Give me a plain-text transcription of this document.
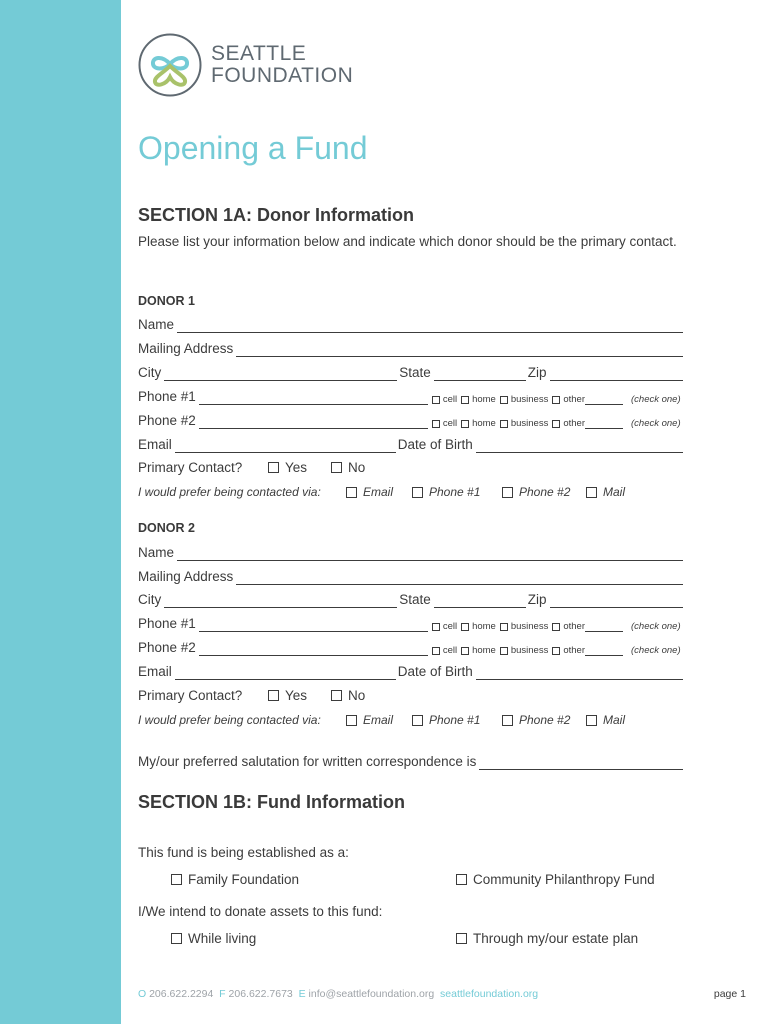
SEATTLE
FOUNDATION
Opening a Fund
SECTION 1A: Donor Information
Please list your information below and indicate which donor should be the primary contact.
DONOR 1
Name
Mailing Address
City	State	Zip
Phone #1	cell home business other	(check one)
Phone #2	cell home business other	(check one)
Email	Date of Birth
Primary Contact?	Yes	No
I would prefer being contacted via:	Email	Phone #1	Phone #2	Mail
DONOR 2
Name
Mailing Address
City	State	Zip
Phone #1	cell home business other	(check one)
Phone #2	cell home business other	(check one)
Email	Date of Birth
Primary Contact?	Yes	No
I would prefer being contacted via:	Email	Phone #1	Phone #2	Mail
My/our preferred salutation for written correspondence is
SECTION 1B: Fund Information
This fund is being established as a:
Family Foundation	Community Philanthropy Fund
I/We intend to donate assets to this fund:
While living	Through my/our estate plan
O 206.622.2294 F 206.622.7673 E info@seattlefoundation.org seattlefoundation.org	page 1
